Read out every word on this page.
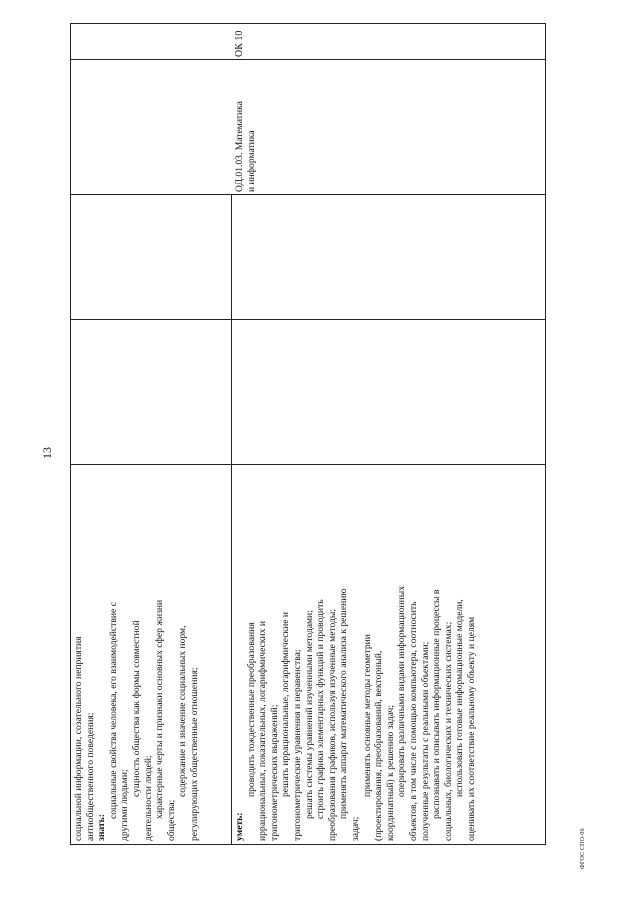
13
ФГОС СПО-06
социальной информации, созательного неприятия антиобщественного поведения; знать:
социальные свойства человека, его взаимодействие с другими людьми;
сущность общества как формы совместной
деятельности людей; характерные черты и признаки основных сфер жизни
общества;
содержание и значение социальных норм, регулирующих общественные отношения;	уметь:
проводить тождественные преобразования иррациональных, показательных, логарифмических и тригонометрических выражений; решать иррациональные, логарифмические и тригонометрические уравнения и неравенства; решать системы уравнений изученными методами; строить графики элементарных функций и проводить преобразования графиков, используя изученные методы; применять аппарат математического анализа к решению
задач;
применять основные методы геометрии (проектирования, преобразований, векторный, координатный) к решению задач; оперировать различными видами информационных объектов, в том числе с помощью компьютера, соотносить полученные результаты с реальными объектами; распознавать и описывать информационные процессы в социальных, биологических и технических системах; использовать готовые информационные модели, оценивать их соответствие реальному объекту и целям
ОД.01.03. Математика и информатика
ОК 10
